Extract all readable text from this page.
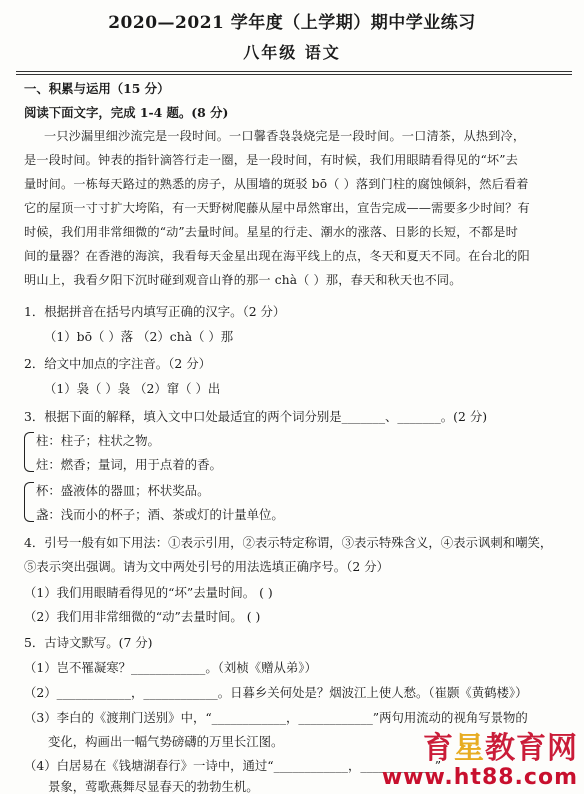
2020—2021 学年度（上学期）期中学业练习
八年级 语文
一、积累与运用（15 分）
阅读下面文字，完成 1-4 题。(8 分)
一只沙漏里细沙流完是一段时间。一口馨香袅袅烧完是一段时间。一口清茶，从热到冷，
是一段时间。钟表的指针滴答行走一圈，是一段时间，有时候，我们用眼睛看得见的“坏”去
量时间。一栋每天路过的熟悉的房子，从围墙的斑驳 bō（ ）落到门柱的腐蚀倾斜，然后看着
它的屋顶一寸寸扩大垮陷，有一天野树爬藤从屋中昂然窜出，宣告完成——需要多少时间？有
时候，我们用非常细微的“动”去量时间。星星的行走、潮水的涨落、日影的长短，不都是时
间的量器？在香港的海滨，我看每天金星出现在海平线上的点，冬天和夏天不同。在台北的阳
明山上，我看夕阳下沉时碰到观音山脊的那一 chà（ ）那，春天和秋天也不同。
1．根据拼音在括号内填写正确的汉字。（2 分）
（1）bō（ ）落 （2）chà（ ）那
2．给文中加点的字注音。（2 分）
（1）袅（ ）袅 （2）窜（ ）出
3．根据下面的解释，填入文中口处最适宜的两个词分别是_______、_______。(2 分)
柱：柱子；柱状之物。
炷：燃香；量词，用于点着的香。
杯：盛液体的器皿；杯状奖品。
盏：浅而小的杯子；酒、茶或灯的计量单位。
4．引号一般有如下用法：①表示引用，②表示特定称谓，③表示特殊含义，④表示讽刺和嘲笑，
⑤表示突出强调。请为文中两处引号的用法选填正确序号。（2 分）
（1）我们用眼睛看得见的“坏”去量时间。 ( )
（2）我们用非常细微的“动”去量时间。 ( )
5．古诗文默写。(7 分)
（1）岂不罹凝寒？____________。（刘桢《赠从弟》）
（2）____________，____________。日暮乡关何处是？烟波江上使人愁。（崔颢《黄鹤楼》）
（3）李白的《渡荆门送别》中，“____________，____________”两句用流动的视角写景物的
变化，构画出一幅气势磅礴的万里长江图。
（4）白居易在《钱塘湖春行》一诗中，通过“____________，____________”
景象，莺歌燕舞尽显春天的勃勃生机。
育星教育网
www.ht88.com
